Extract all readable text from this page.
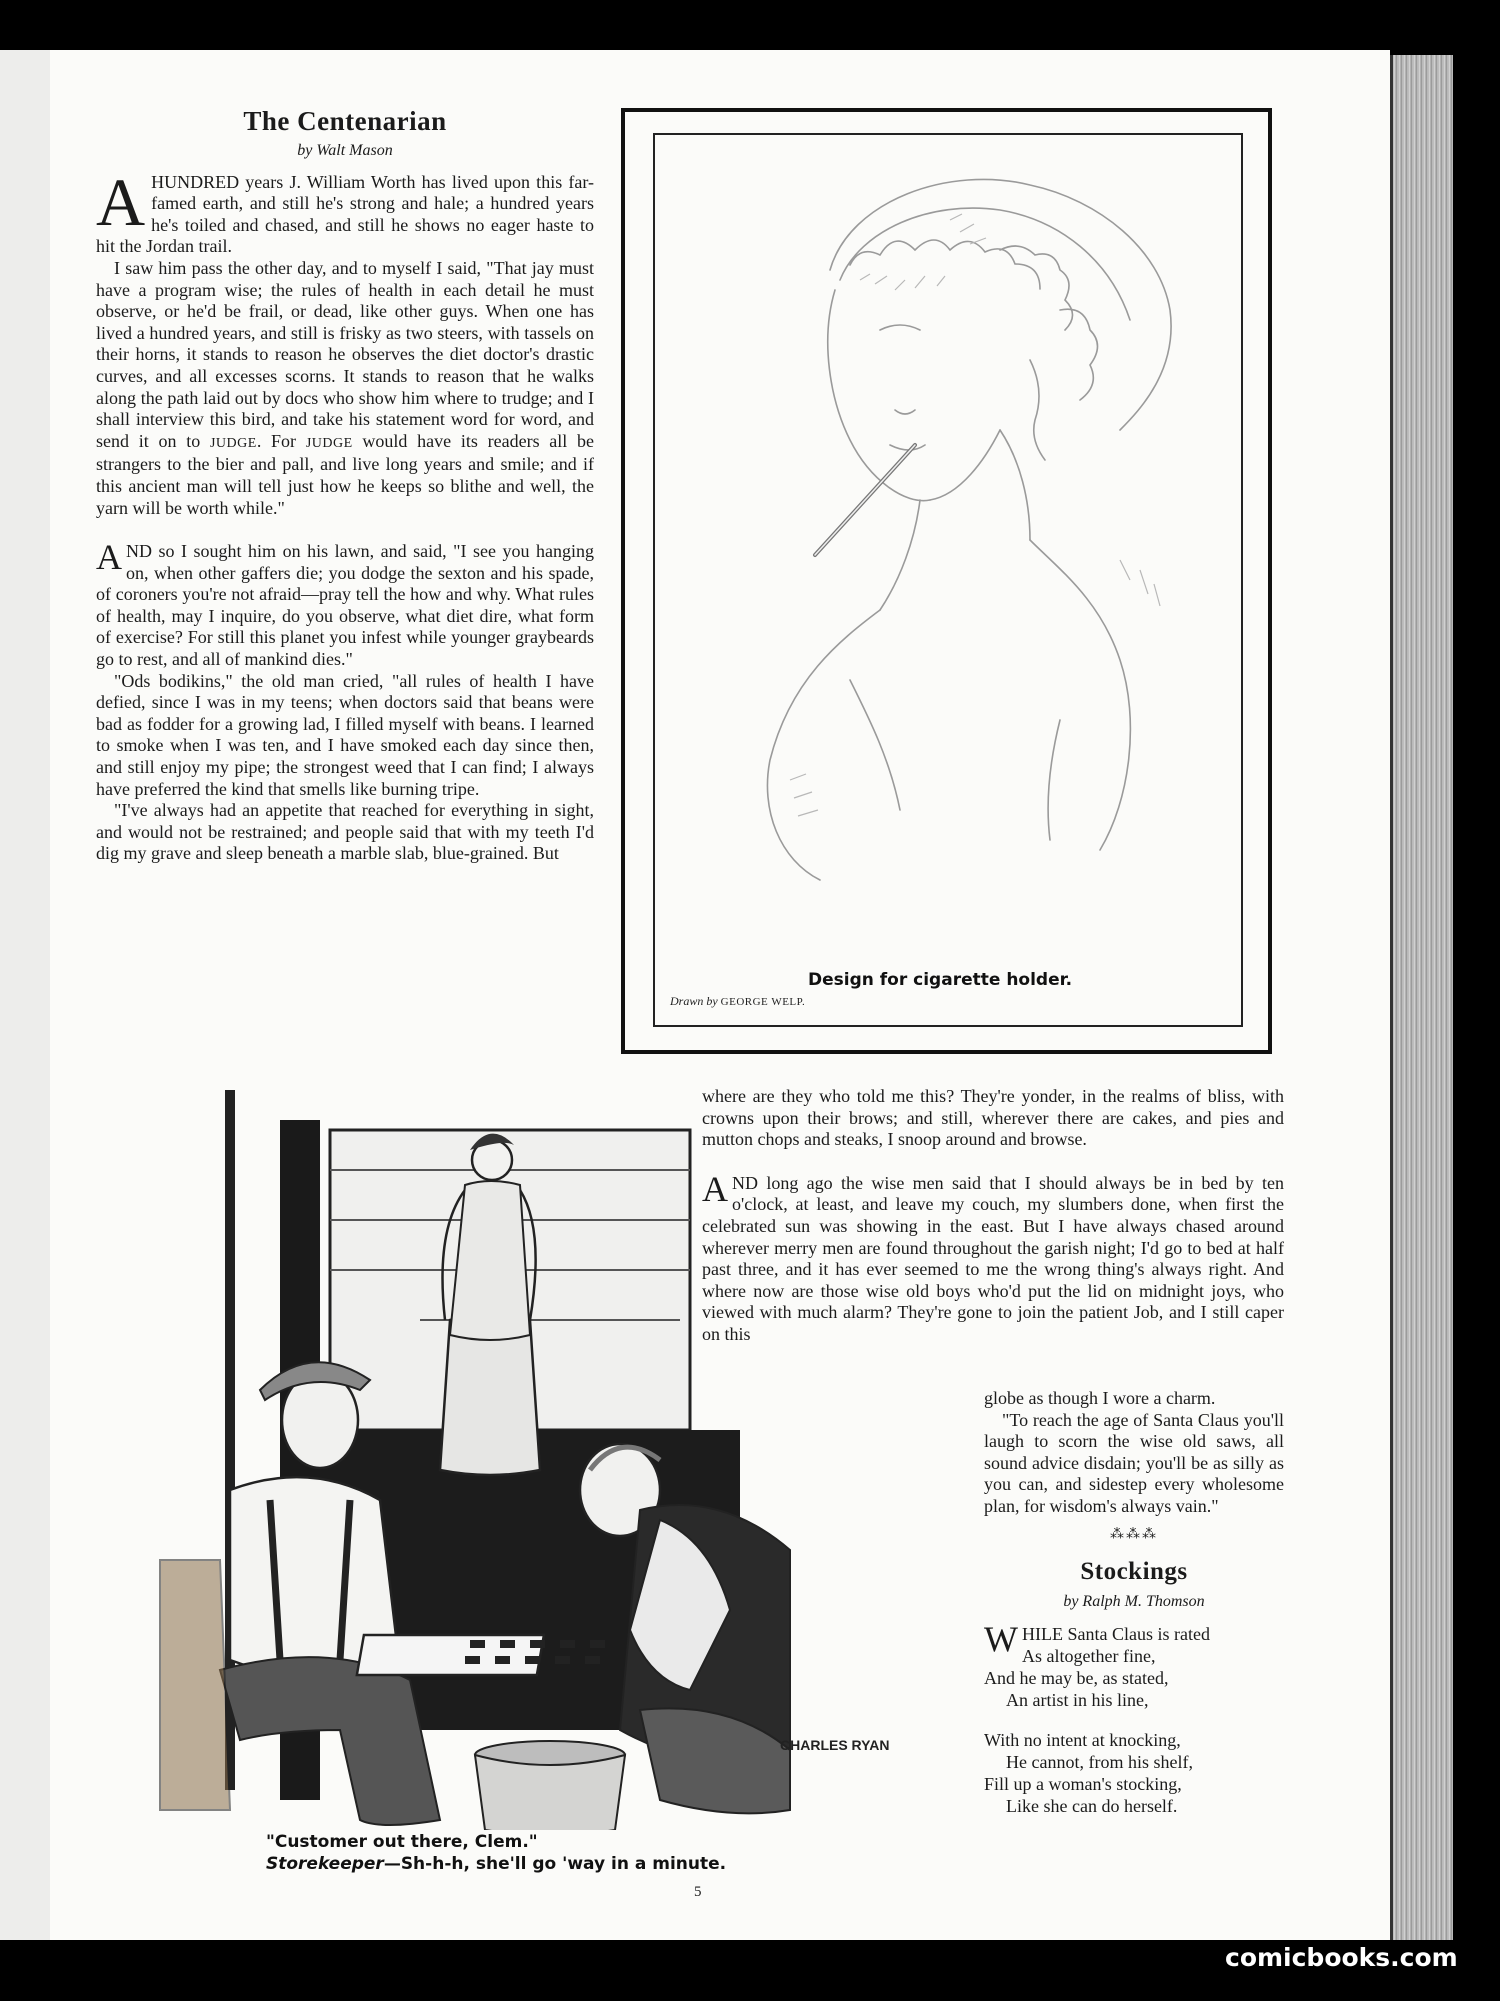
The Centenarian
by Walt Mason

AHUNDRED years J. William Worth has lived upon this far-famed earth, and still he's strong and hale; a hundred years he's toiled and chased, and still he shows no eager haste to hit the Jordan trail.

I saw him pass the other day, and to myself I said, "That jay must have a program wise; the rules of health in each detail he must observe, or he'd be frail, or dead, like other guys. When one has lived a hundred years, and still is frisky as two steers, with tassels on their horns, it stands to reason he observes the diet doctor's drastic curves, and all excesses scorns. It stands to reason that he walks along the path laid out by docs who show him where to trudge; and I shall interview this bird, and take his statement word for word, and send it on to JUDGE. For JUDGE would have its readers all be strangers to the bier and pall, and live long years and smile; and if this ancient man will tell just how he keeps so blithe and well, the yarn will be worth while."

AND so I sought him on his lawn, and said, "I see you hanging on, when other gaffers die; you dodge the sexton and his spade, of coroners you're not afraid—pray tell the how and why. What rules of health, may I inquire, do you observe, what diet dire, what form of exercise? For still this planet you infest while younger graybeards go to rest, and all of mankind dies."

"Ods bodikins," the old man cried, "all rules of health I have defied, since I was in my teens; when doctors said that beans were bad as fodder for a growing lad, I filled myself with beans. I learned to smoke when I was ten, and I have smoked each day since then, and still enjoy my pipe; the strongest weed that I can find; I always have preferred the kind that smells like burning tripe.

"I've always had an appetite that reached for everything in sight, and would not be restrained; and people said that with my teeth I'd dig my grave and sleep beneath a marble slab, blue-grained. But

Design for cigarette holder.
Drawn by GEORGE WELP.
CHARLES RYAN

where are they who told me this? They're yonder, in the realms of bliss, with crowns upon their brows; and still, wherever there are cakes, and pies and mutton chops and steaks, I snoop around and browse.

AND long ago the wise men said that I should always be in bed by ten o'clock, at least, and leave my couch, my slumbers done, when first the celebrated sun was showing in the east. But I have always chased around wherever merry men are found throughout the garish night; I'd go to bed at half past three, and it has ever seemed to me the wrong thing's always right. And where now are those wise old boys who'd put the lid on midnight joys, who viewed with much alarm? They're gone to join the patient Job, and I still caper on this

globe as though I wore a charm.

"To reach the age of Santa Claus you'll laugh to scorn the wise old saws, all sound advice disdain; you'll be as silly as you can, and sidestep every wholesome plan, for wisdom's always vain."

⁂⁂⁂
Stockings
by Ralph M. Thomson
WHILE Santa Claus is rated
As altogether fine,
And he may be, as stated,
An artist in his line,
With no intent at knocking,
He cannot, from his shelf,
Fill up a woman's stocking,
Like she can do herself.
"Customer out there, Clem."
Storekeeper—Sh-h-h, she'll go 'way in a minute.
5
comicbooks.com
